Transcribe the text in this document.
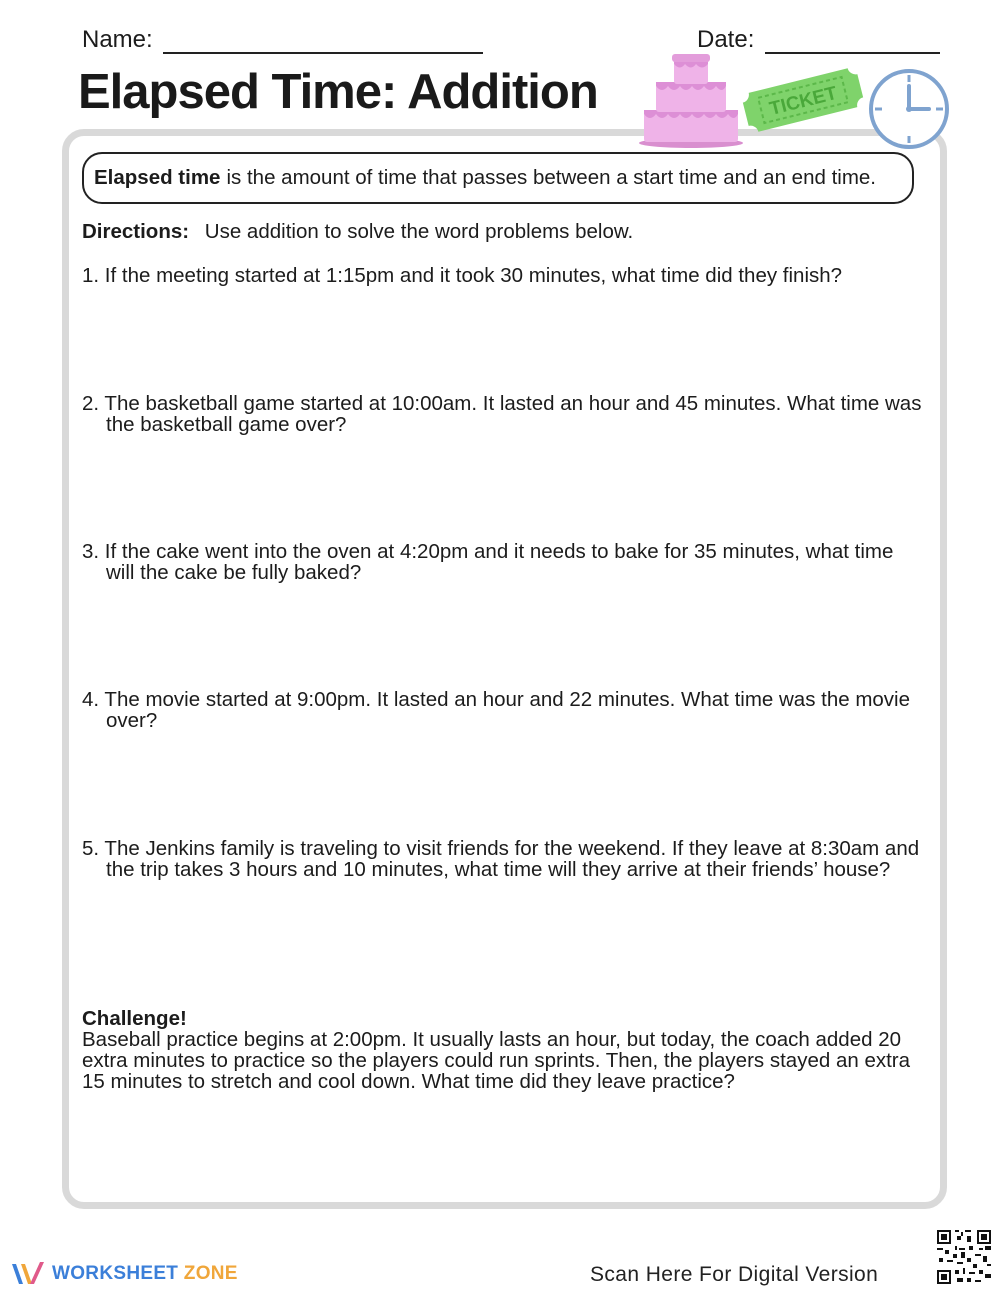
Name:	Date:
Elapsed Time: Addition	TICKET
Elapsed time is the amount of time that passes between a start time and an end time.
Directions: Use addition to solve the word problems below.
1. If the meeting started at 1:15pm and it took 30 minutes, what time did they finish?
2. The basketball game started at 10:00am. It lasted an hour and 45 minutes. What time was the basketball game over?
3. If the cake went into the oven at 4:20pm and it needs to bake for 35 minutes, what time will the cake be fully baked?
4. The movie started at 9:00pm. It lasted an hour and 22 minutes. What time was the movie over?
5. The Jenkins family is traveling to visit friends for the weekend. If they leave at 8:30am and the trip takes 3 hours and 10 minutes, what time will they arrive at their friends’ house?
Challenge!
Baseball practice begins at 2:00pm. It usually lasts an hour, but today, the coach added 20 extra minutes to practice so the players could run sprints. Then, the players stayed an extra 15 minutes to stretch and cool down. What time did they leave practice?
WORKSHEET ZONE	Scan Here For Digital Version
